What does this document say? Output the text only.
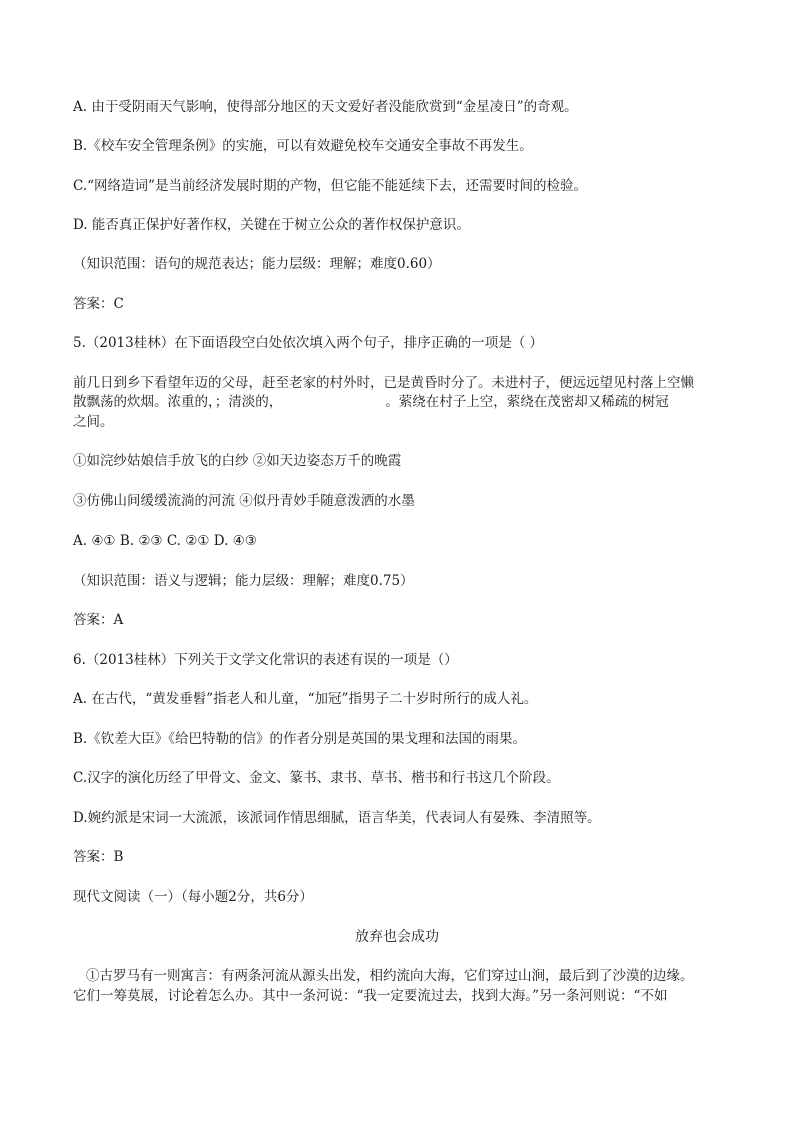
A. 由于受阴雨天气影响，使得部分地区的天文爱好者没能欣赏到“金星凌日”的奇观。
B.《校车安全管理条例》的实施，可以有效避免校车交通安全事故不再发生。
C.“网络造词”是当前经济发展时期的产物，但它能不能延续下去，还需要时间的检验。
D. 能否真正保护好著作权，关键在于树立公众的著作权保护意识。
（知识范围：语句的规范表达；能力层级：理解；难度0.60）
答案：C
5.（2013桂林）在下面语段空白处依次填入两个句子，排序正确的一项是（ ）
前几日到乡下看望年迈的父母，赶至老家的村外时，已是黄昏时分了。未进村子，便远远望见村落上空懒
散飘荡的炊烟。浓重的，；清淡的，                        。萦绕在村子上空，萦绕在茂密却又稀疏的树冠
之间。
①如浣纱姑娘信手放飞的白纱 ②如天边姿态万千的晚霞
③仿佛山间缓缓流淌的河流 ④似丹青妙手随意泼洒的水墨
A. ④① B. ②③ C. ②① D. ④③
（知识范围：语义与逻辑；能力层级：理解；难度0.75）
答案：A
6.（2013桂林）下列关于文学文化常识的表述有误的一项是（）
A. 在古代，“黄发垂髫”指老人和儿童，“加冠”指男子二十岁时所行的成人礼。
B.《钦差大臣》《给巴特勒的信》的作者分别是英国的果戈理和法国的雨果。
C.汉字的演化历经了甲骨文、金文、篆书、隶书、草书、楷书和行书这几个阶段。
D.婉约派是宋词一大流派，该派词作情思细腻，语言华美，代表词人有晏殊、李清照等。
答案：B
现代文阅读（一）（每小题2分，共6分）
放弃也会成功
①古罗马有一则寓言：有两条河流从源头出发，相约流向大海，它们穿过山涧，最后到了沙漠的边缘。
它们一筹莫展，讨论着怎么办。其中一条河说：“我一定要流过去，找到大海。”另一条河则说：“不如
